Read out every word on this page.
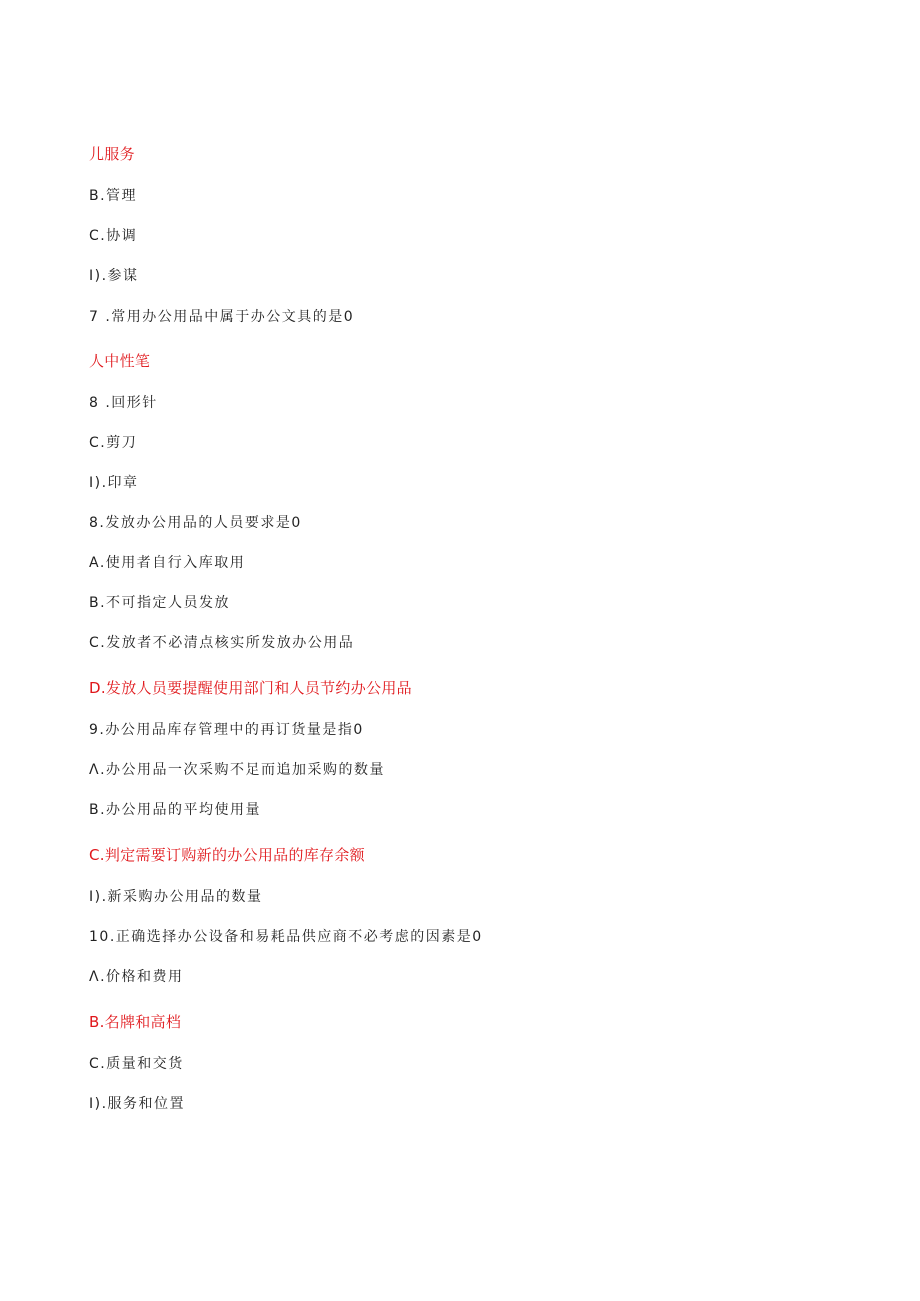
儿服务
B.管理
C.协调
I).参谋
7 .常用办公用品中属于办公文具的是0
人中性笔
8 .回形针
C.剪刀
I).印章
8.发放办公用品的人员要求是0
A.使用者自行入库取用
B.不可指定人员发放
C.发放者不必清点核实所发放办公用品
D.发放人员要提醒使用部门和人员节约办公用品
9.办公用品库存管理中的再订货量是指0
Λ.办公用品一次采购不足而追加采购的数量
B.办公用品的平均使用量
C.判定需要订购新的办公用品的库存余额
I).新采购办公用品的数量
10.正确选择办公设备和易耗品供应商不必考虑的因素是0
Λ.价格和费用
B.名牌和高档
C.质量和交货
I).服务和位置
